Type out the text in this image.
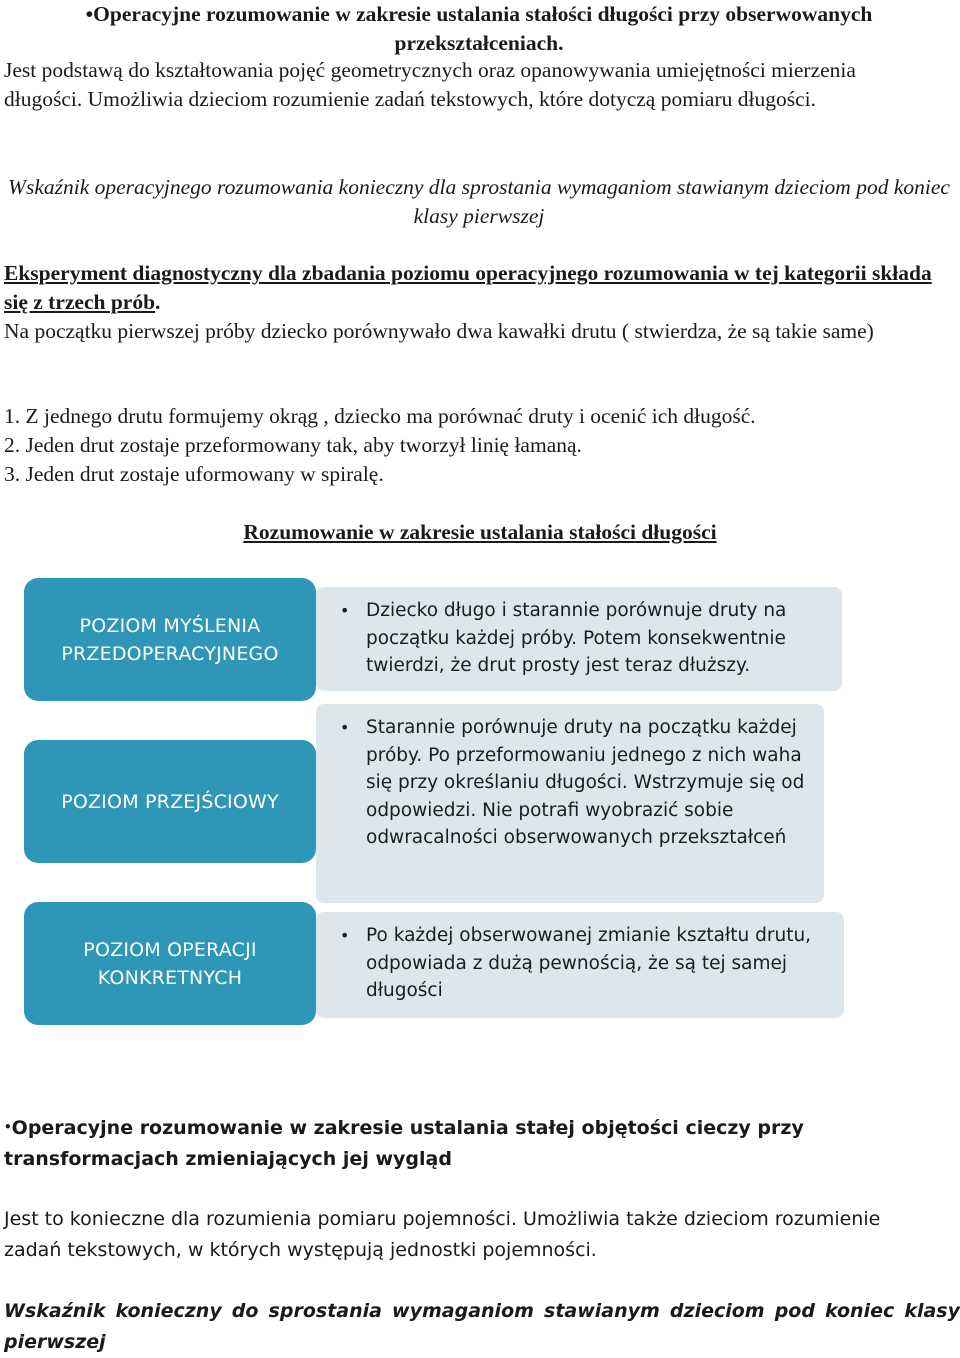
•Operacyjne rozumowanie w zakresie ustalania stałości długości przy obserwowanych przekształceniach.
Jest podstawą do kształtowania pojęć geometrycznych oraz opanowywania umiejętności mierzenia długości. Umożliwia dzieciom rozumienie zadań tekstowych, które dotyczą pomiaru długości.
Wskaźnik operacyjnego rozumowania konieczny dla sprostania wymaganiom stawianym dzieciom pod koniec klasy pierwszej
Eksperyment diagnostyczny dla zbadania poziomu operacyjnego rozumowania w tej kategorii składa się z trzech prób.
Na początku pierwszej próby dziecko porównywało dwa kawałki drutu ( stwierdza, że są takie same)
1. Z jednego drutu formujemy okrąg , dziecko ma porównać druty i ocenić ich długość.
2. Jeden drut zostaje przeformowany tak, aby tworzył linię łamaną.
3. Jeden drut zostaje uformowany w spiralę.
Rozumowanie w zakresie ustalania stałości długości
• Dziecko długo i starannie porównuje druty na początku każdej próby. Potem konsekwentnie twierdzi, że drut prosty jest teraz dłuższy.
• Starannie porównuje druty na początku każdej próby. Po przeformowaniu jednego z nich waha się przy określaniu długości. Wstrzymuje się od odpowiedzi. Nie potrafi wyobrazić sobie odwracalności obserwowanych przekształceń
• Po każdej obserwowanej zmianie kształtu drutu, odpowiada z dużą pewnością, że są tej samej długości
POZIOM MYŚLENIA
PRZEDOPERACYJNEGO
POZIOM PRZEJŚCIOWY
POZIOM OPERACJI
KONKRETNYCH
•Operacyjne rozumowanie w zakresie ustalania stałej objętości cieczy przy transformacjach zmieniających jej wygląd
Jest to konieczne dla rozumienia pomiaru pojemności. Umożliwia także dzieciom rozumienie zadań tekstowych, w których występują jednostki pojemności.
Wskaźnik konieczny do sprostania wymaganiom stawianym dzieciom pod koniec klasy pierwszej
